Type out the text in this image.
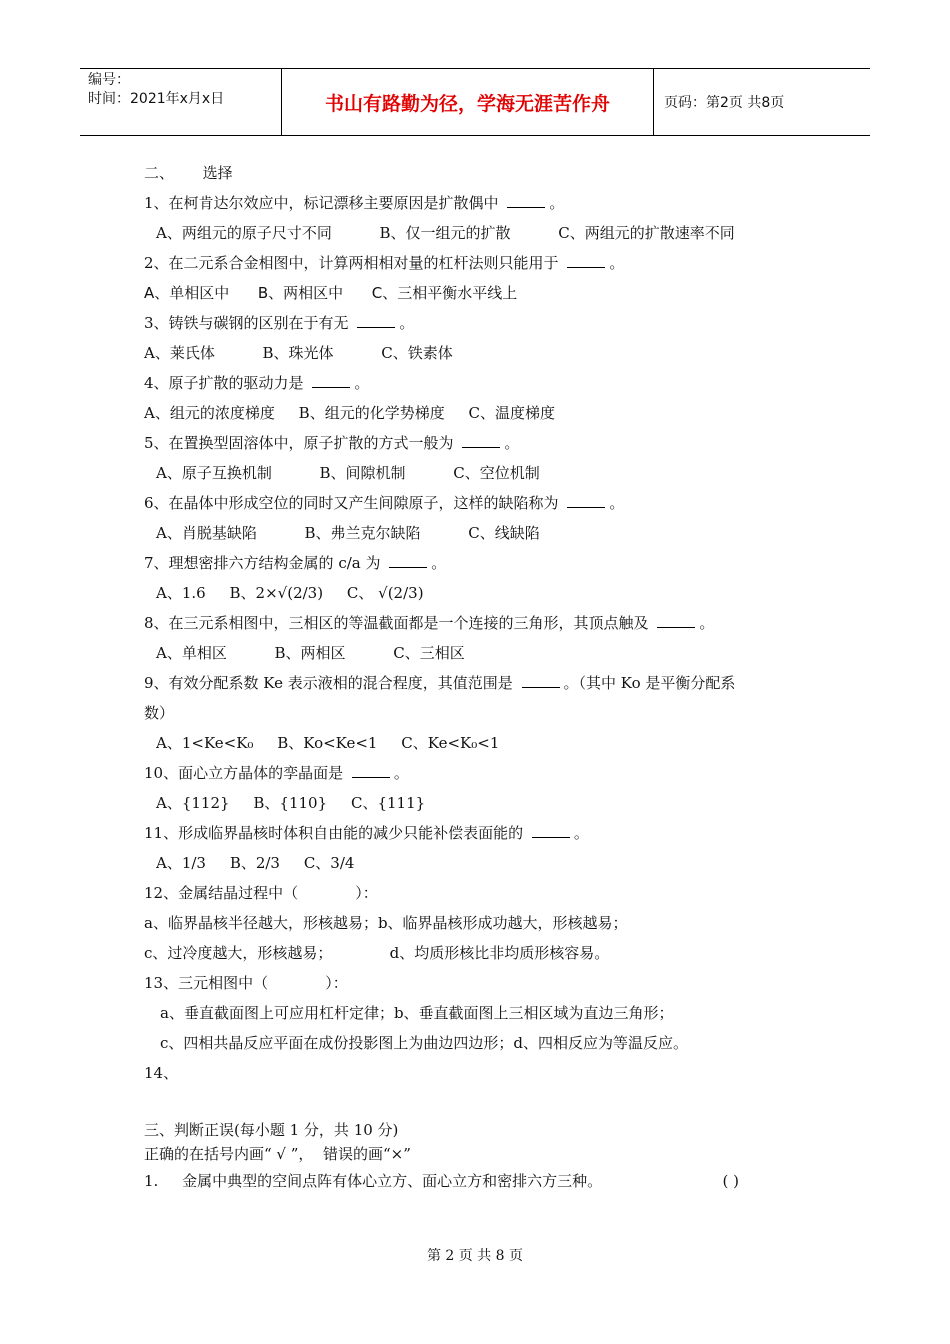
编号：
时间：2021年x月x日	书山有路勤为径，学海无涯苦作舟	页码：第2页 共8页
二、      选择
1、在柯肯达尔效应中，标记漂移主要原因是扩散偶中	。
A、两组元的原子尺寸不同          B、仅一组元的扩散          C、两组元的扩散速率不同
2、在二元系合金相图中，计算两相相对量的杠杆法则只能用于	。
A、单相区中      B、两相区中      C、三相平衡水平线上
3、铸铁与碳钢的区别在于有无	。
A、莱氏体          B、珠光体          C、铁素体
4、原子扩散的驱动力是	。
A、组元的浓度梯度     B、组元的化学势梯度     C、温度梯度
5、在置换型固溶体中，原子扩散的方式一般为	。
A、原子互换机制          B、间隙机制          C、空位机制
6、在晶体中形成空位的同时又产生间隙原子，这样的缺陷称为	。
A、肖脱基缺陷          B、弗兰克尔缺陷          C、线缺陷
7、理想密排六方结构金属的 c/a 为	。
A、1.6     B、2×√(2/3)     C、 √(2/3)
8、在三元系相图中，三相区的等温截面都是一个连接的三角形，其顶点触及	。
A、单相区          B、两相区          C、三相区
9、有效分配系数 Ke 表示液相的混合程度，其值范围是	。（其中 Ko 是平衡分配系
数）
A、1<Ke<K₀     B、Ko<Ke<1     C、Ke<K₀<1
10、面心立方晶体的孪晶面是	。
A、{112}     B、{110}     C、{111}
11、形成临界晶核时体积自由能的减少只能补偿表面能的	。
A、1/3     B、2/3     C、3/4
12、金属结晶过程中（            ）：
a、临界晶核半径越大，形核越易；b、临界晶核形成功越大，形核越易；
c、过冷度越大，形核越易；            d、均质形核比非均质形核容易。
13、三元相图中（            ）：
a、垂直截面图上可应用杠杆定律；b、垂直截面图上三相区域为直边三角形；
c、四相共晶反应平面在成份投影图上为曲边四边形；d、四相反应为等温反应。
14、
三、判断正误(每小题 1 分，共 10 分)
正确的在括号内画“ √ ”，  错误的画“×”
1.     金属中典型的空间点阵有体心立方、面心立方和密排六方三种。	( )
第 2 页 共 8 页
